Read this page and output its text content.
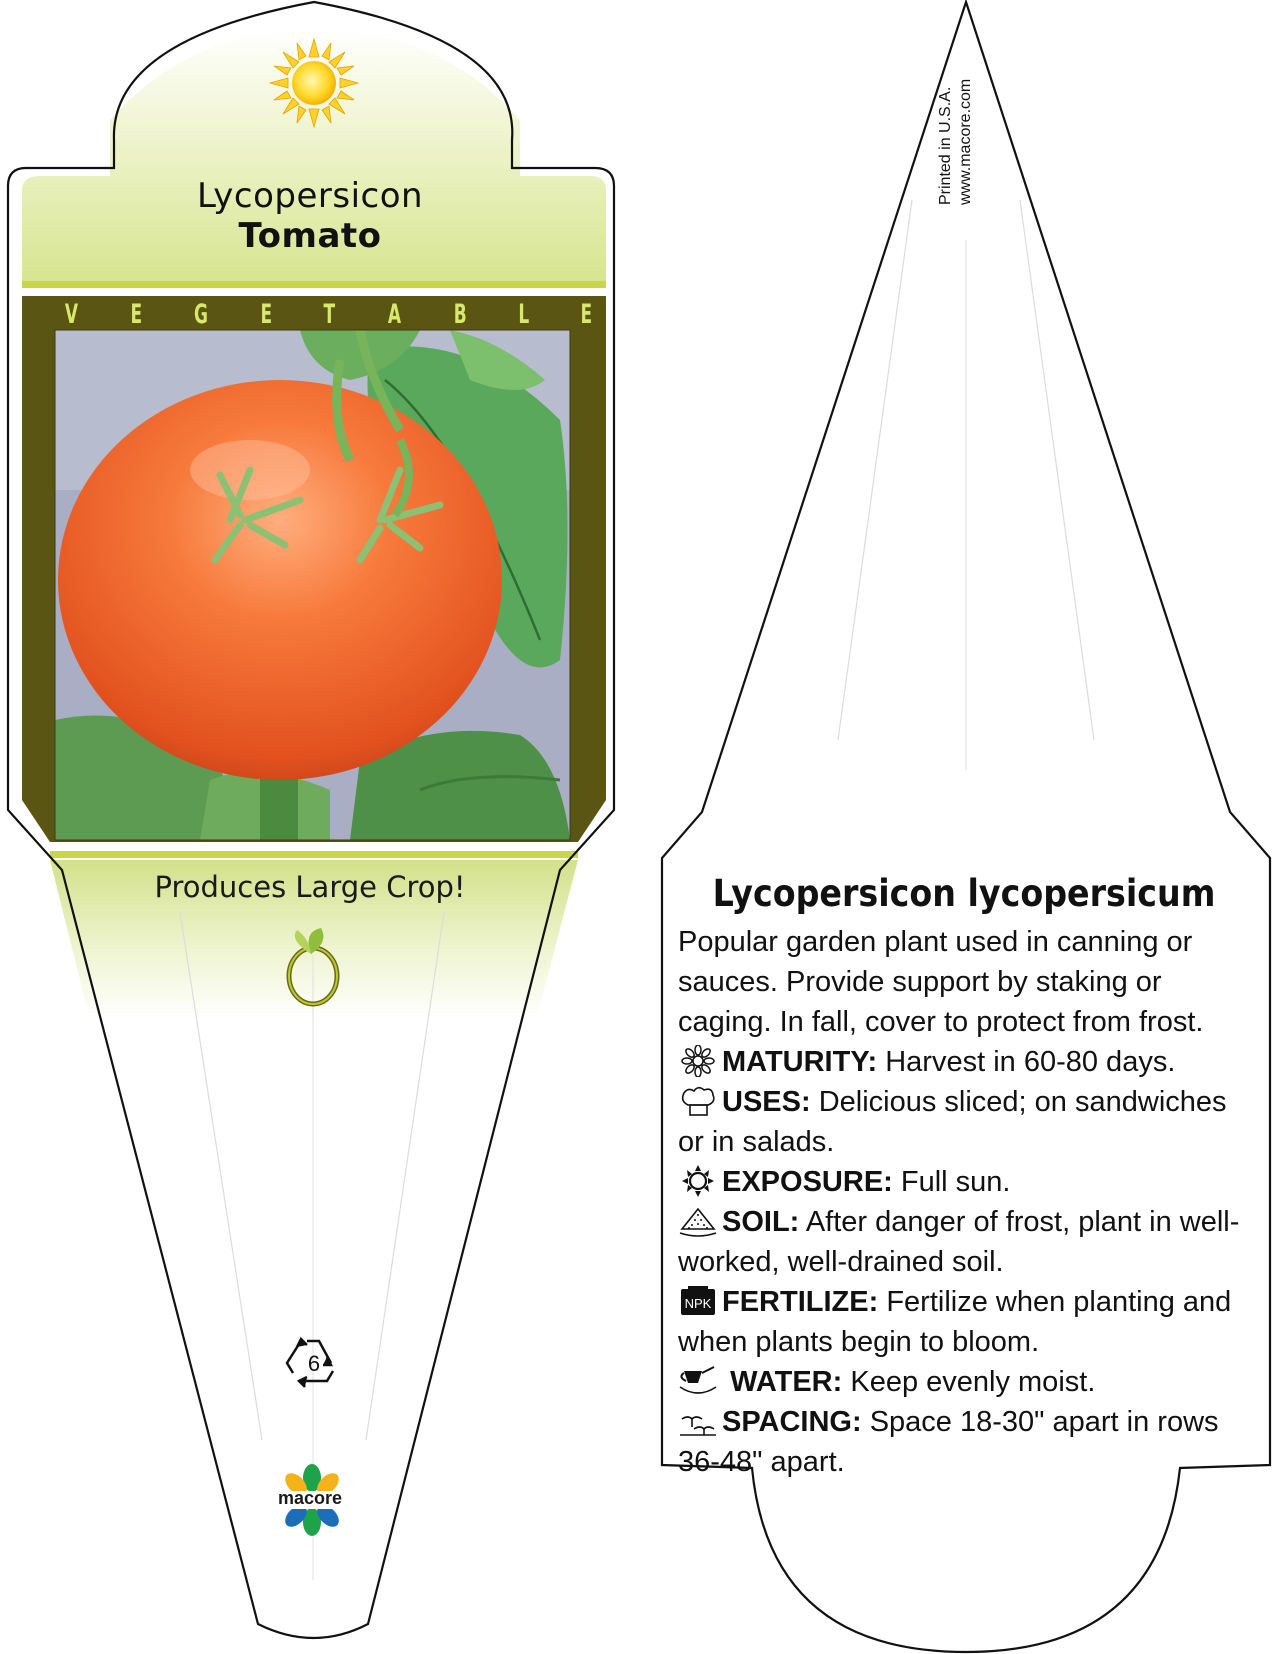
Lycopersicon
Tomato
V E G E T A B L E
Produces Large Crop!
6
macore
Printed in U.S.A. www.macore.com
Lycopersicon lycopersicum

Popular garden plant used in canning or sauces. Provide support by staking or caging. In fall, cover to protect from frost.

MATURITY: Harvest in 60-80 days.
USES: Delicious sliced; on sandwiches or in salads.
EXPOSURE: Full sun.
SOIL: After danger of frost, plant in well-worked, well-drained soil.
NPK FERTILIZE: Fertilize when planting and when plants begin to bloom.
WATER: Keep evenly moist.
SPACING: Space 18-30" apart in rows 36-48" apart.
